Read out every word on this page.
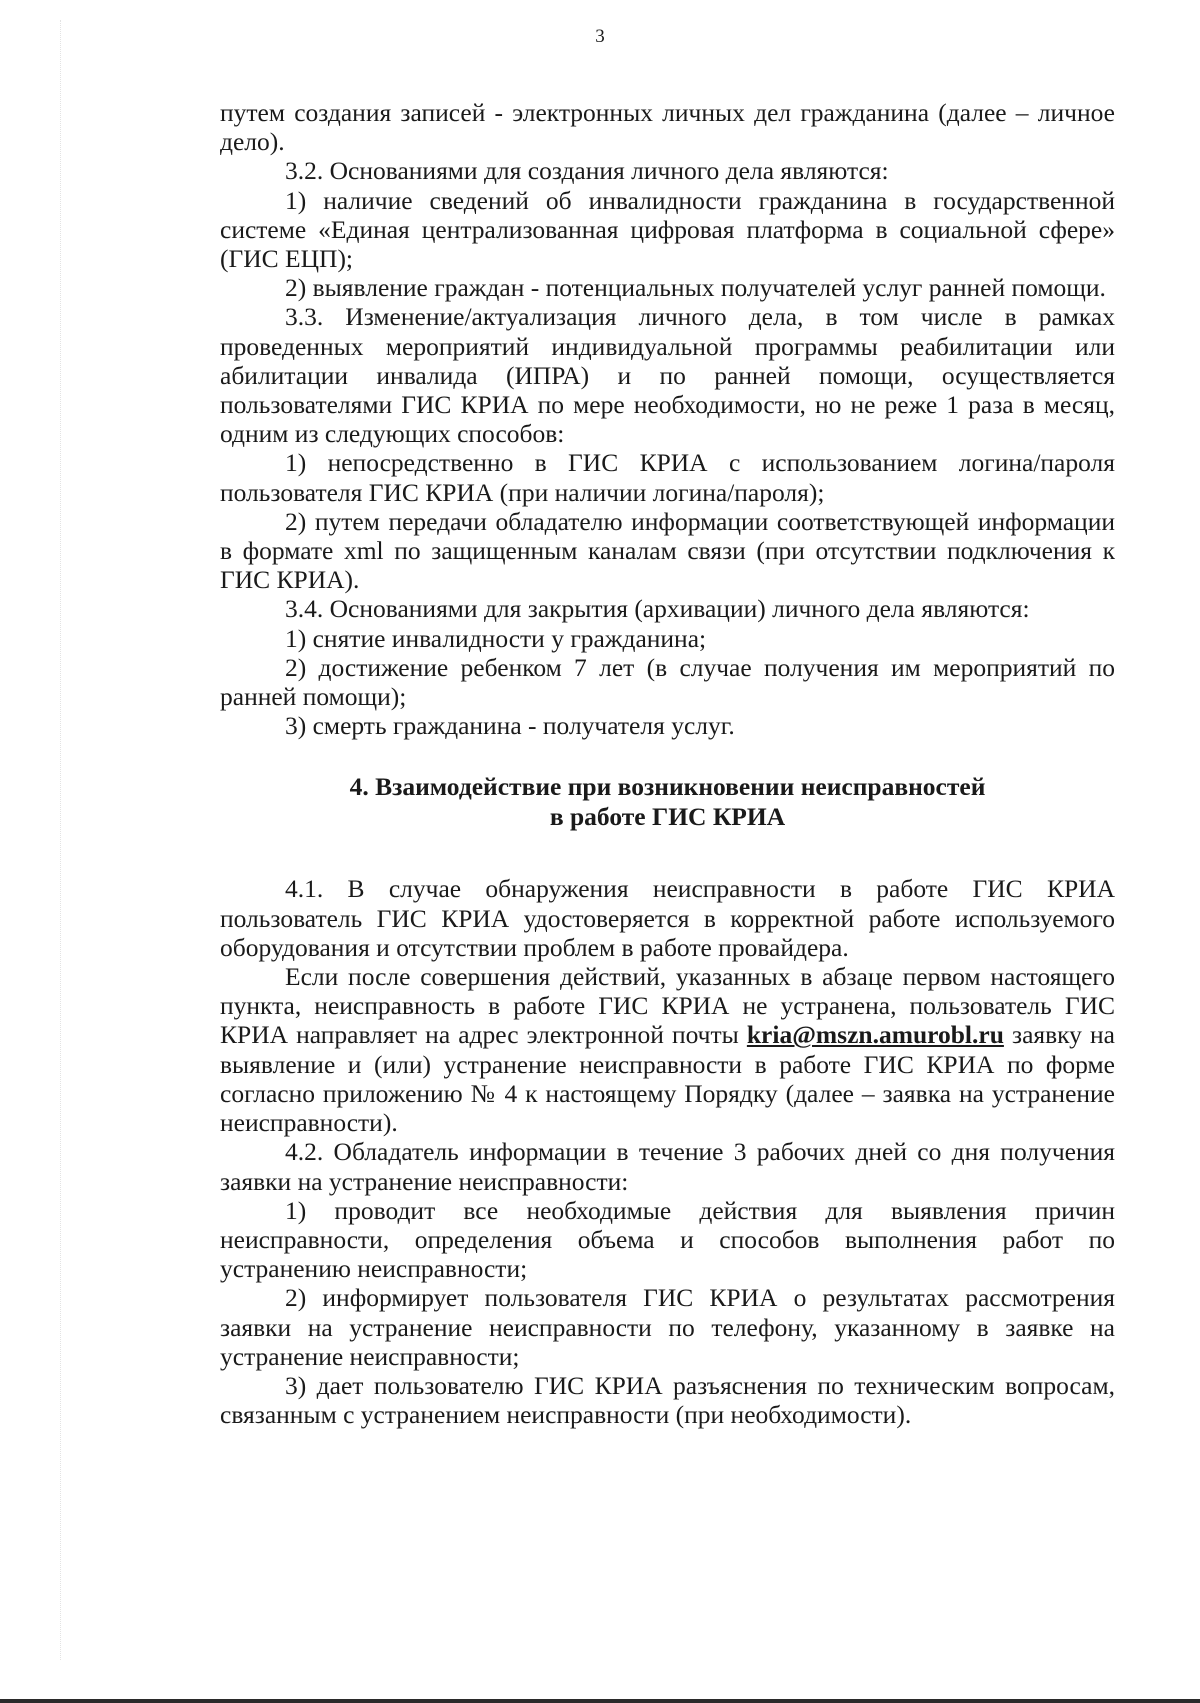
3

путем создания записей - электронных личных дел гражданина (далее – личное дело).

3.2. Основаниями для создания личного дела являются:

1) наличие сведений об инвалидности гражданина в государственной системе «Единая централизованная цифровая платформа в социальной сфере» (ГИС ЕЦП);

2) выявление граждан - потенциальных получателей услуг ранней помощи.

3.3. Изменение/актуализация личного дела, в том числе в рамках проведенных мероприятий индивидуальной программы реабилитации или абилитации инвалида (ИПРА) и по ранней помощи, осуществляется пользователями ГИС КРИА по мере необходимости, но не реже 1 раза в месяц, одним из следующих способов:

1) непосредственно в ГИС КРИА с использованием логина/пароля пользователя ГИС КРИА (при наличии логина/пароля);

2) путем передачи обладателю информации соответствующей информации в формате xml по защищенным каналам связи (при отсутствии подключения к ГИС КРИА).

3.4. Основаниями для закрытия (архивации) личного дела являются:

1) снятие инвалидности у гражданина;

2) достижение ребенком 7 лет (в случае получения им мероприятий по ранней помощи);

3) смерть гражданина - получателя услуг.

4. Взаимодействие при возникновении неисправностей
в работе ГИС КРИА

4.1. В случае обнаружения неисправности в работе ГИС КРИА пользователь ГИС КРИА удостоверяется в корректной работе используемого оборудования и отсутствии проблем в работе провайдера.

Если после совершения действий, указанных в абзаце первом настоящего пункта, неисправность в работе ГИС КРИА не устранена, пользователь ГИС КРИА направляет на адрес электронной почты kria@mszn.amurobl.ru заявку на выявление и (или) устранение неисправности в работе ГИС КРИА по форме согласно приложению № 4 к настоящему Порядку (далее – заявка на устранение неисправности).

4.2. Обладатель информации в течение 3 рабочих дней со дня получения заявки на устранение неисправности:

1) проводит все необходимые действия для выявления причин неисправности, определения объема и способов выполнения работ по устранению неисправности;

2) информирует пользователя ГИС КРИА о результатах рассмотрения заявки на устранение неисправности по телефону, указанному в заявке на устранение неисправности;

3) дает пользователю ГИС КРИА разъяснения по техническим вопросам, связанным с устранением неисправности (при необходимости).
